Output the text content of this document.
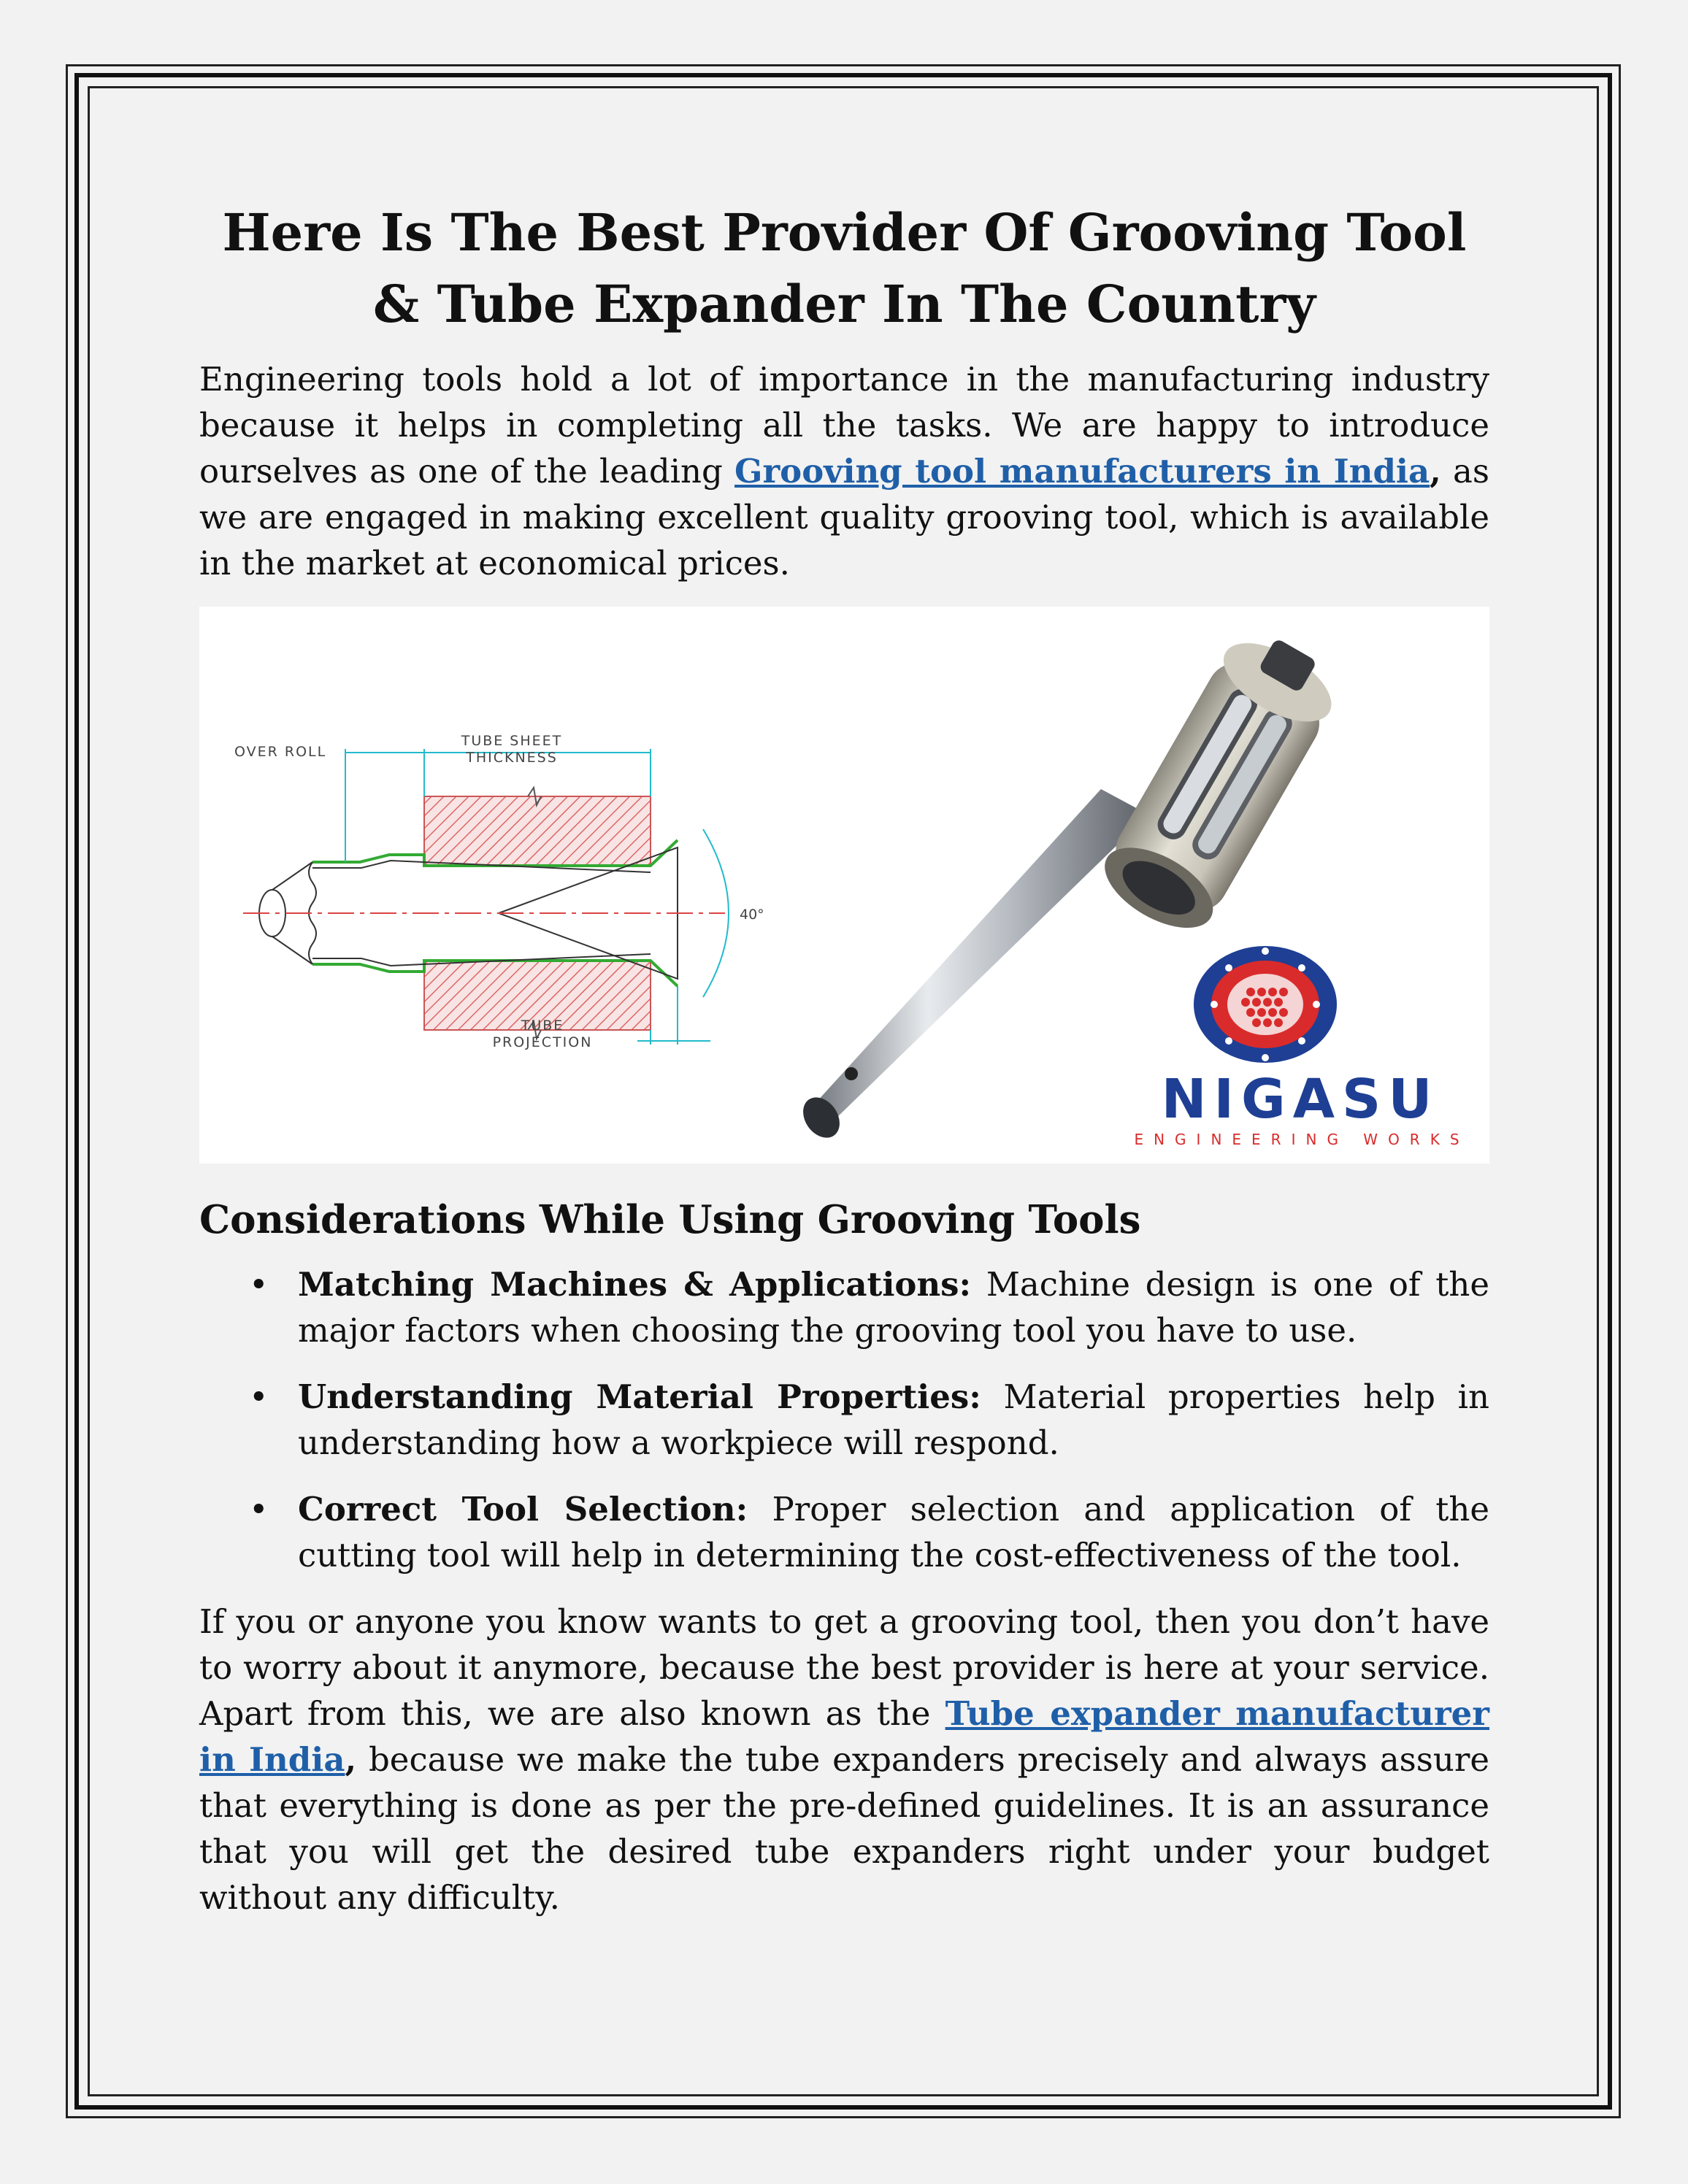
Here Is The Best Provider Of Grooving Tool & Tube Expander In The Country

Engineering tools hold a lot of importance in the manufacturing industry because it helps in completing all the tasks. We are happy to introduce ourselves as one of the leading Grooving tool manufacturers in India, as we are engaged in making excellent quality grooving tool, which is available in the market at economical prices.

OVER ROLL
TUBE SHEET
THICKNESS
40°
TUBE
PROJECTION
NIGASU
ENGINEERING WORKS
Considerations While Using Grooving Tools
• Matching Machines & Applications: Machine design is one of the major factors when choosing the grooving tool you have to use.
• Understanding Material Properties: Material properties help in understanding how a workpiece will respond.
• Correct Tool Selection: Proper selection and application of the cutting tool will help in determining the cost-effectiveness of the tool.

If you or anyone you know wants to get a grooving tool, then you don’t have to worry about it anymore, because the best provider is here at your service. Apart from this, we are also known as the Tube expander manufacturer in India, because we make the tube expanders precisely and always assure that everything is done as per the pre-defined guidelines. It is an assurance that you will get the desired tube expanders right under your budget without any difficulty.
